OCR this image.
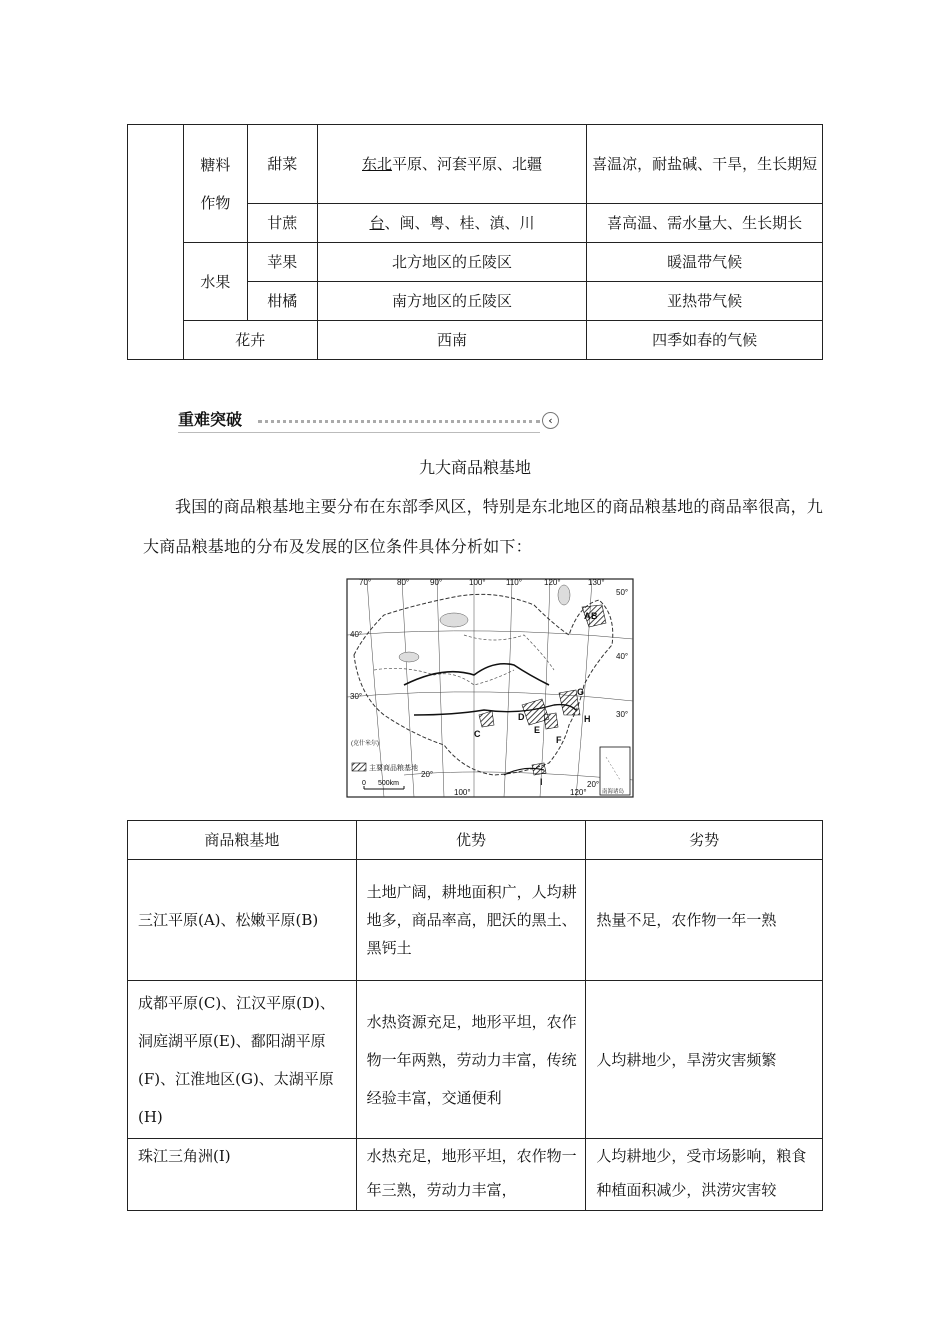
	糖料作物	甜菜	东北平原、河套平原、北疆	喜温凉，耐盐碱、干旱，生长期短
		甘蔗	台、闽、粤、桂、滇、川	喜高温、需水量大、生长期长
	水果	苹果	北方地区的丘陵区	暖温带气候
		柑橘	南方地区的丘陵区	亚热带气候
	花卉		西南	四季如春的气候
重难突破	‹
九大商品粮基地
我国的商品粮基地主要分布在东部季风区，特别是东北地区的商品粮基地的商品率很高，九大商品粮基地的分布及发展的区位条件具体分析如下：
70°	80°	90°	100°	110°	120°	130°
50°
40°
40°
30°
30°
20°
20°
100°	120°
A B
C
D
E
F
G
H
I
(克什米尔)
主要商品粮基地
0 500km
南海诸岛
商品粮基地	优势	劣势
三江平原(A)、松嫩平原(B)	土地广阔，耕地面积广，人均耕地多，商品率高，肥沃的黑土、黑钙土	热量不足，农作物一年一熟
成都平原(C)、江汉平原(D)、洞庭湖平原(E)、鄱阳湖平原(F)、江淮地区(G)、太湖平原(H)	水热资源充足，地形平坦，农作物一年两熟，劳动力丰富，传统经验丰富，交通便利	人均耕地少，旱涝灾害频繁
珠江三角洲(I)	水热充足，地形平坦，农作物一年三熟，劳动力丰富，	人均耕地少，受市场影响，粮食种植面积减少，洪涝灾害较
